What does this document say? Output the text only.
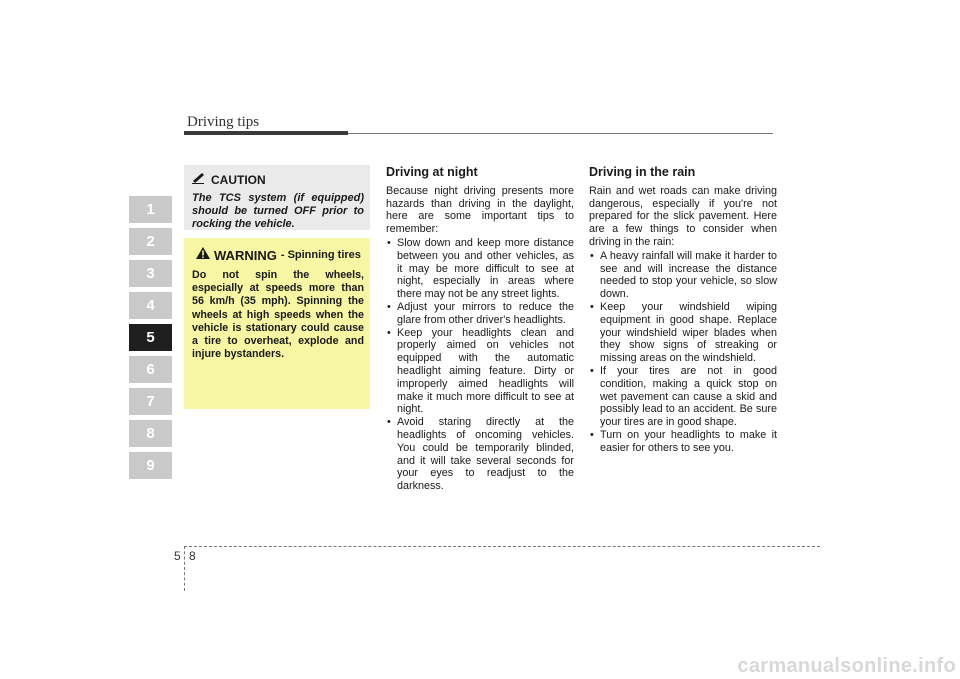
Driving tips
1
2
3
4
5
6
7
8
9
CAUTION
The TCS system (if equipped) should be turned OFF prior to rocking the vehicle.
WARNING - Spinning tires
Do not spin the wheels, especially at speeds more than 56 km/h (35 mph). Spinning the wheels at high speeds when the vehicle is stationary could cause a tire to overheat, explode and injure bystanders.
Driving at night

Because night driving presents more hazards than driving in the daylight, here are some important tips to remember:

• Slow down and keep more distance between you and other vehicles, as it may be more difficult to see at night, especially in areas where there may not be any street lights.
• Adjust your mirrors to reduce the glare from other driver's headlights.
• Keep your headlights clean and properly aimed on vehicles not equipped with the automatic headlight aiming feature. Dirty or improperly aimed headlights will make it much more difficult to see at night.
• Avoid staring directly at the headlights of oncoming vehicles. You could be temporarily blinded, and it will take several seconds for your eyes to readjust to the darkness.
Driving in the rain

Rain and wet roads can make driving dangerous, especially if you're not prepared for the slick pavement. Here are a few things to consider when driving in the rain:

• A heavy rainfall will make it harder to see and will increase the distance needed to stop your vehicle, so slow down.
• Keep your windshield wiping equipment in good shape. Replace your windshield wiper blades when they show signs of streaking or missing areas on the windshield.
• If your tires are not in good condition, making a quick stop on wet pavement can cause a skid and possibly lead to an accident. Be sure your tires are in good shape.
• Turn on your headlights to make it easier for others to see you.
5 8
carmanualsonline.info
